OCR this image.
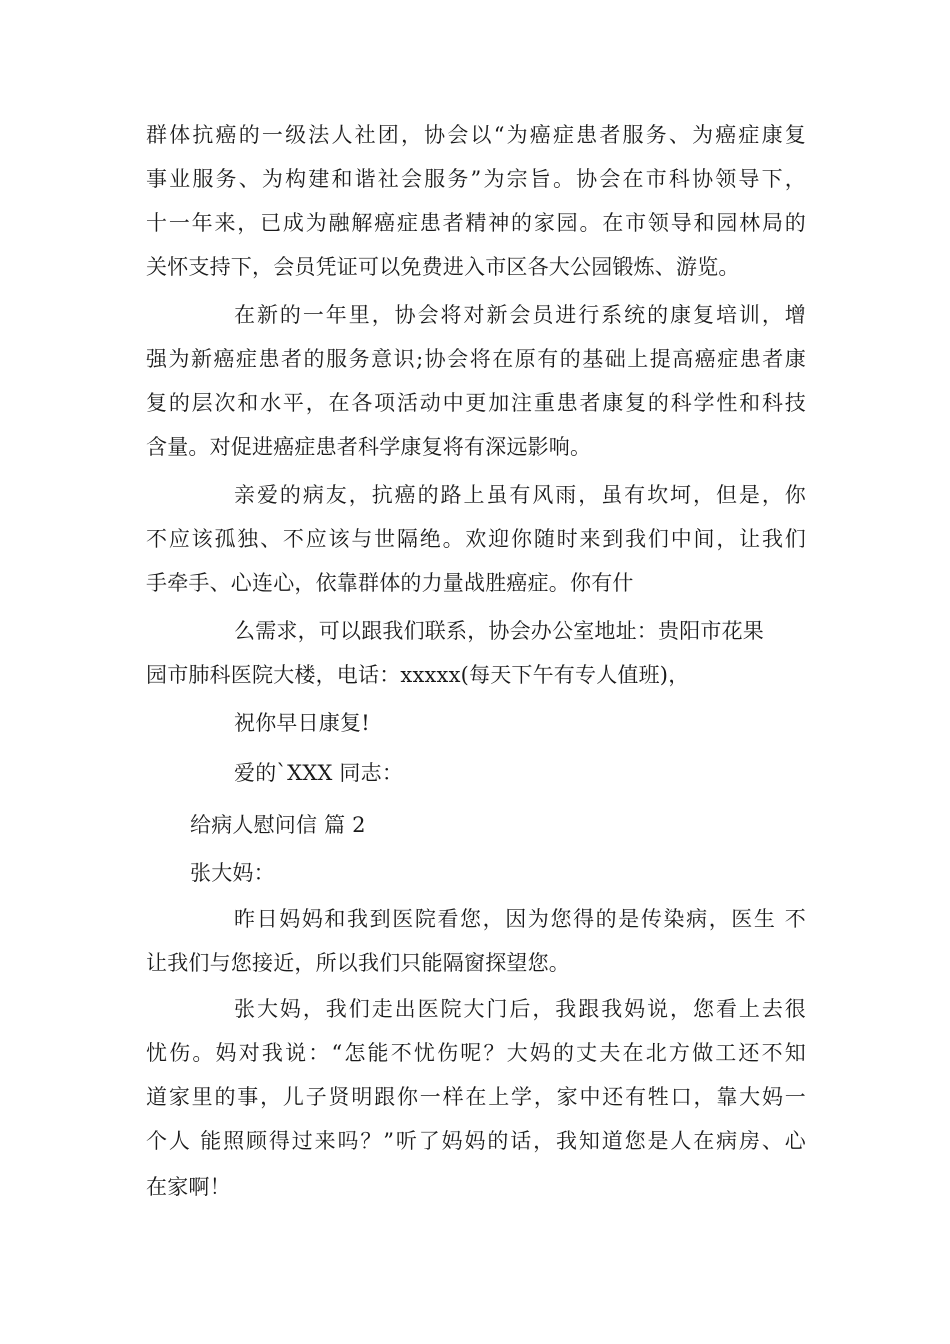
群体抗癌的一级法人社团，协会以“为癌症患者服务、为癌症康复
事业服务、为构建和谐社会服务”为宗旨。协会在市科协领导下，
十一年来，已成为融解癌症患者精神的家园。在市领导和园林局的
关怀支持下，会员凭证可以免费进入市区各大公园锻炼、游览。
在新的一年里，协会将对新会员进行系统的康复培训，增
强为新癌症患者的服务意识;协会将在原有的基础上提高癌症患者康
复的层次和水平，在各项活动中更加注重患者康复的科学性和科技
含量。对促进癌症患者科学康复将有深远影响。
亲爱的病友，抗癌的路上虽有风雨，虽有坎坷，但是，你
不应该孤独、不应该与世隔绝。欢迎你随时来到我们中间，让我们
手牵手、心连心，依靠群体的力量战胜癌症。你有什
么需求，可以跟我们联系，协会办公室地址：贵阳市花果
园市肺科医院大楼，电话：xxxxx(每天下午有专人值班)，
祝你早日康复!
爱的`XXX 同志：
给病人慰问信 篇 2
张大妈：
昨日妈妈和我到医院看您，因为您得的是传染病，医生 不
让我们与您接近，所以我们只能隔窗探望您。
张大妈，我们走出医院大门后，我跟我妈说，您看上去很
忧伤。妈对我说：“怎能不忧伤呢？大妈的丈夫在北方做工还不知
道家里的事，儿子贤明跟你一样在上学，家中还有牲口，靠大妈一
个人 能照顾得过来吗？”听了妈妈的话，我知道您是人在病房、心
在家啊！
